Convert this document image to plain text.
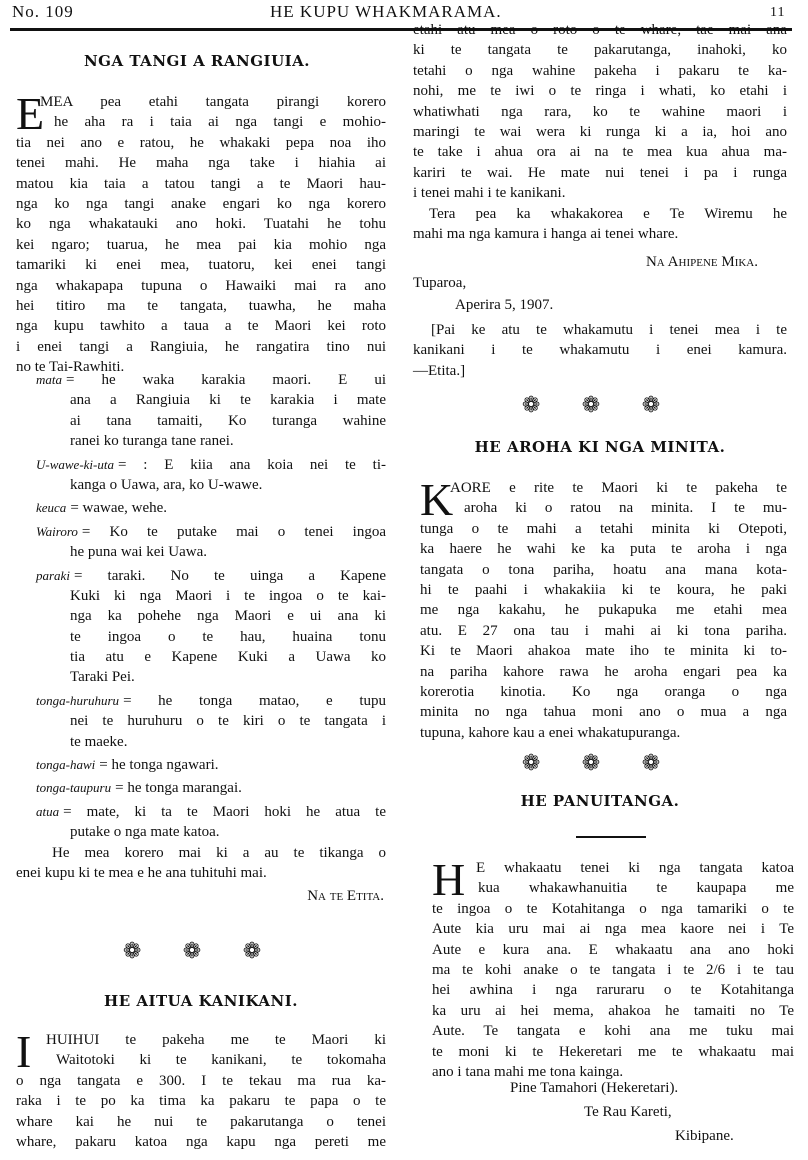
No. 109	HE KUPU WHAKMARAMA.	11
NGA TANGI A RANGIUIA.
E
MEA pea etahi tangata pirangi korero
he aha ra i taia ai nga tangi e mohio-
tia nei ano e ratou, he whakaki pepa noa iho
tenei mahi. He maha nga take i hiahia ai
matou kia taia a tatou tangi a te Maori hau-
nga ko nga tangi anake engari ko nga korero
ko nga whakatauki ano hoki. Tuatahi he tohu
kei ngaro; tuarua, he mea pai kia mohio nga
tamariki ki enei mea, tuatoru, kei enei tangi
nga whakapapa tupuna o Hawaiki mai ra ano
hei titiro ma te tangata, tuawha, he maha
nga kupu tawhito a taua a te Maori kei roto
i enei tangi a Rangiuia, he rangatira tino nui
no te Tai-Rawhiti.
mata = he waka karakia maori. E ui
ana a Rangiuia ki te karakia i mate
ai tana tamaiti, Ko turanga wahine
ranei ko turanga tane ranei.
U-wawe-ki-uta = : E kiia ana koia nei te ti-
kanga o Uawa, ara, ko U-wawe.
keuca = wawae, wehe.
Wairoro = Ko te putake mai o tenei ingoa
he puna wai kei Uawa.
paraki = taraki. No te uinga a Kapene
Kuki ki nga Maori i te ingoa o te kai-
nga ka pohehe nga Maori e ui ana ki
te ingoa o te hau, huaina tonu
tia atu e Kapene Kuki a Uawa ko
Taraki Pei.
tonga-huruhuru = he tonga matao, e tupu
nei te huruhuru o te kiri o te tangata i
te maeke.
tonga-hawi = he tonga ngawari.
tonga-taupuru = he tonga marangai.
atua = mate, ki ta te Maori hoki he atua te
putake o nga mate katoa.
He mea korero mai ki a au te tikanga o
enei kupu ki te mea e he ana tuhituhi mai.
Na te Etita.
❁ ❁ ❁
HE AITUA KANIKANI.
I HUIHUI te pakeha me te Maori ki
Waitotoki ki te kanikani, te tokomaha
o nga tangata e 300. I te tekau ma rua ka-
raka i te po ka tima ka pakaru te papa o te
whare kai he nui te pakarutanga o tenei
whare, pakaru katoa nga kapu nga pereti me
etahi atu mea o roto o te whare, tae mai ana
ki te tangata te pakarutanga, inahoki, ko
tetahi o nga wahine pakeha i pakaru te ka-
nohi, me te iwi o te ringa i whati, ko etahi i
whatiwhati nga rara, ko te wahine maori i
maringi te wai wera ki runga ki a ia, hoi ano
te take i ahua ora ai na te mea kua ahua ma-
kariri te wai. He mate nui tenei i pa i runga
i tenei mahi i te kanikani.
Tera pea ka whakakorea e Te Wiremu he
mahi ma nga kamura i hanga ai tenei whare.
Na Ahipene Mika.
Tuparoa,
Aperira 5, 1907.
[Pai ke atu te whakamutu i tenei mea i te
kanikani i te whakamutu i enei kamura.
—Etita.]
❁ ❁ ❁
HE AROHA KI NGA MINITA.
K
AORE e rite te Maori ki te pakeha te
aroha ki o ratou na minita. I te mu-
tunga o te mahi a tetahi minita ki Otepoti,
ka haere he wahi ke ka puta te aroha i nga
tangata o tona pariha, hoatu ana mana kota-
hi te paahi i whakakiia ki te koura, he paki
me nga kakahu, he pukapuka me etahi mea
atu. E 27 ona tau i mahi ai ki tona pariha.
Ki te Maori ahakoa mate iho te minita ki to-
na pariha kahore rawa he aroha engari pea ka
korerotia kinotia. Ko nga oranga o nga
minita no nga tahua moni ano o mua a nga
tupuna, kahore kau a enei whakatupuranga.
❁ ❁ ❁
HE PANUITANGA.
H E whakaatu tenei ki nga tangata katoa
kua whakawhanuitia te kaupapa me
te ingoa o te Kotahitanga o nga tamariki o te
Aute kia uru mai ai nga mea kaore nei i Te
Aute e kura ana. E whakaatu ana ano hoki
ma te kohi anake o te tangata i te 2/6 i te tau
hei awhina i nga raruraru o te Kotahitanga
ka uru ai hei mema, ahakoa he tamaiti no Te
Aute. Te tangata e kohi ana me tuku mai
te moni ki te Hekeretari me te whakaatu mai
ano i tana mahi me tona kainga.
Pine Tamahori (Hekeretari).
Te Rau Kareti,
Kibipane.
